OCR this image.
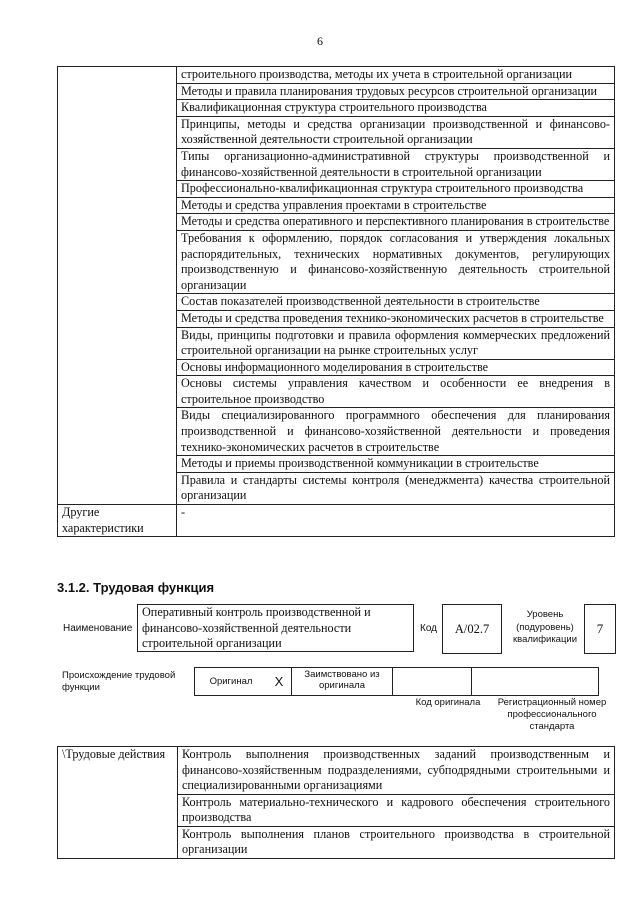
6
	строительного производства, методы их учета в строительной организации
	Методы и правила планирования трудовых ресурсов строительной организации
	Квалификационная структура строительного производства
	Принципы, методы и средства организации производственной и финансово-хозяйственной деятельности строительной организации
	Типы организационно-административной структуры производственной и финансово-хозяйственной деятельности в строительной организации
	Профессионально-квалификационная структура строительного производства
	Методы и средства управления проектами в строительстве
	Методы и средства оперативного и перспективного планирования в строительстве
	Требования к оформлению, порядок согласования и утверждения локальных распорядительных, технических нормативных документов, регулирующих производственную и финансово-хозяйственную деятельность строительной организации
	Состав показателей производственной деятельности в строительстве
	Методы и средства проведения технико-экономических расчетов в строительстве
	Виды, принципы подготовки и правила оформления коммерческих предложений строительной организации на рынке строительных услуг
	Основы информационного моделирования в строительстве
	Основы системы управления качеством и особенности ее внедрения в строительное производство
	Виды специализированного программного обеспечения для планирования производственной и финансово-хозяйственной деятельности и проведения технико-экономических расчетов в строительстве
	Методы и приемы производственной коммуникации в строительстве
	Правила и стандарты системы контроля (менеджмента) качества строительной организации
Другие характеристики	-
3.1.2. Трудовая функция
Наименование
Оперативный контроль производственной и финансово-хозяйственной деятельности строительной организации
Код	A/02.7
Уровень (подуровень) квалификации
7
Происхождение трудовой функции
Оригинал	X	Заимствовано из оригинала		
Код оригинала	Регистрационный номер профессионального стандарта
\Трудовые действия	Контроль выполнения производственных заданий производственным и финансово-хозяйственным подразделениями, субподрядными строительными и специализированными организациями
Контроль материально-технического и кадрового обеспечения строительного производства
Контроль выполнения планов строительного производства в строительной организации
